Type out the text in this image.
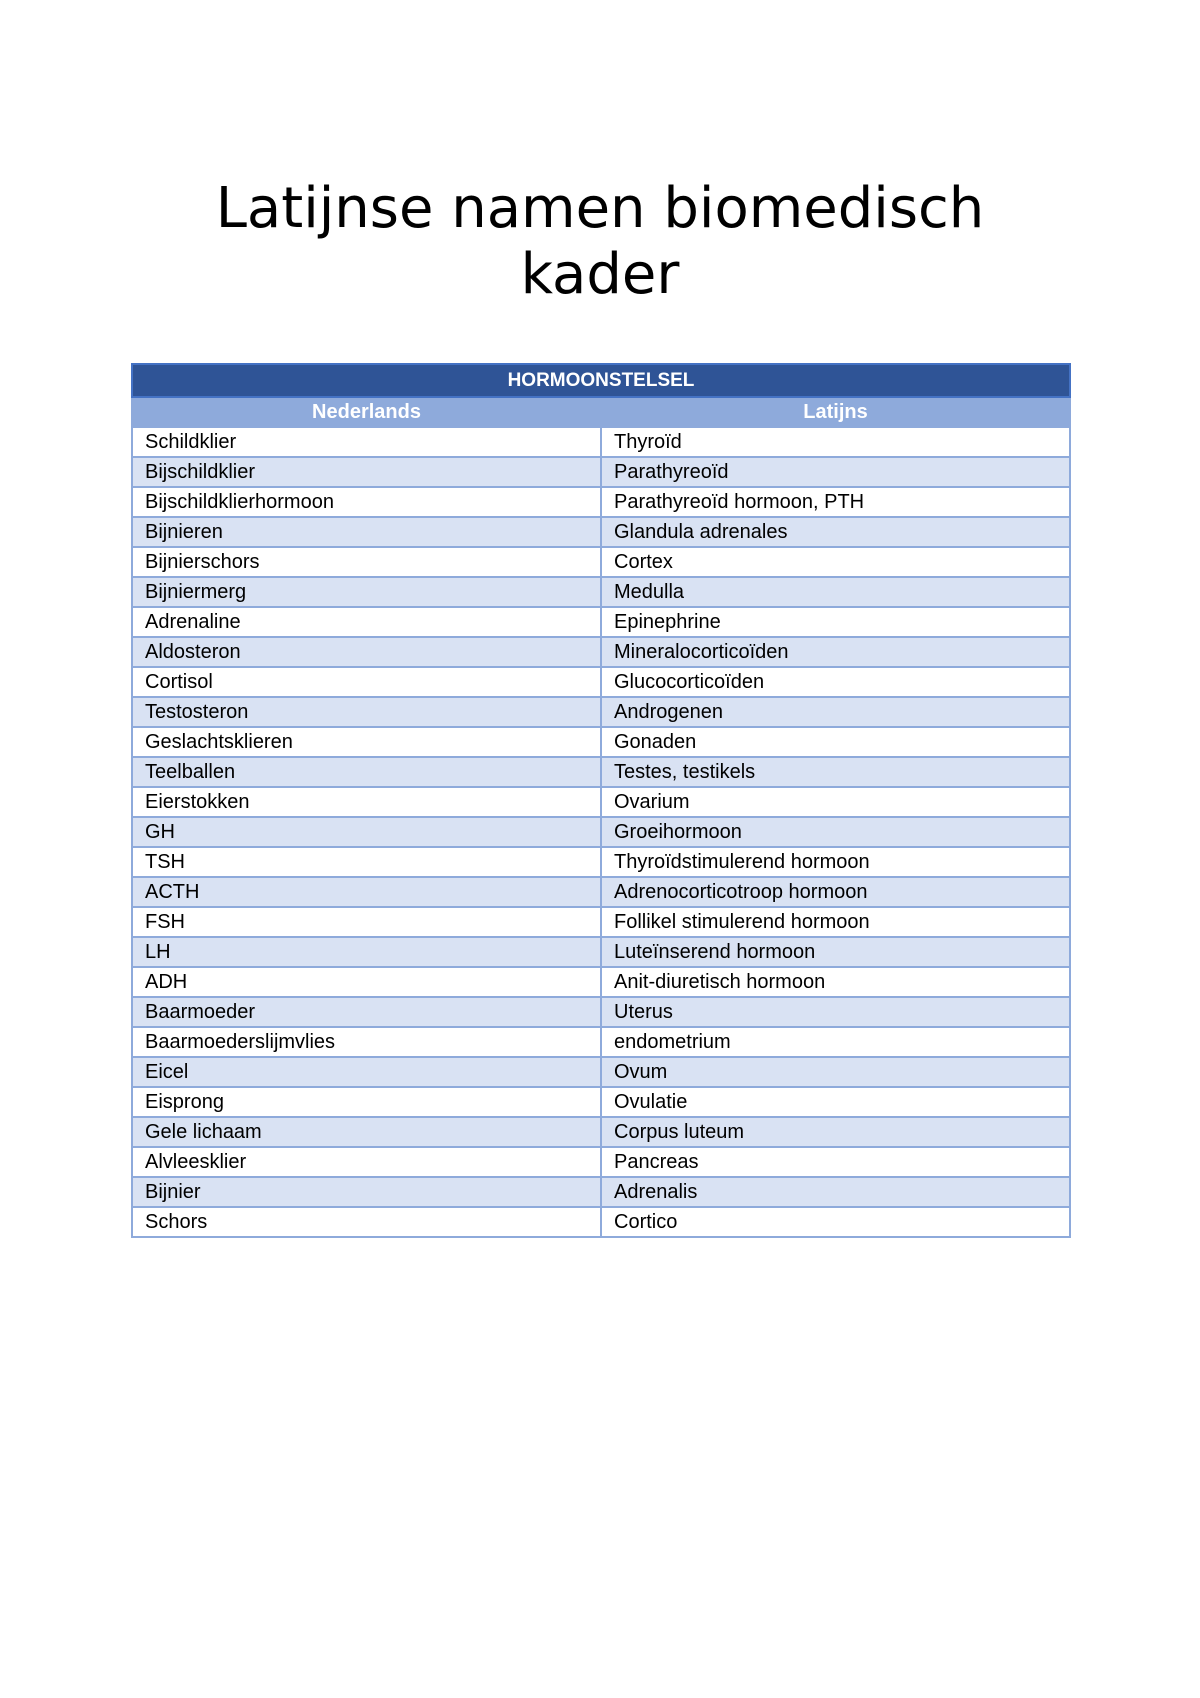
Latijnse namen biomedisch
kader
HORMOONSTELSEL	
Nederlands	Latijns
Schildklier	Thyroïd
Bijschildklier	Parathyreoïd
Bijschildklierhormoon	Parathyreoïd hormoon, PTH
Bijnieren	Glandula adrenales
Bijnierschors	Cortex
Bijniermerg	Medulla
Adrenaline	Epinephrine
Aldosteron	Mineralocorticoïden
Cortisol	Glucocorticoïden
Testosteron	Androgenen
Geslachtsklieren	Gonaden
Teelballen	Testes, testikels
Eierstokken	Ovarium
GH	Groeihormoon
TSH	Thyroïdstimulerend hormoon
ACTH	Adrenocorticotroop hormoon
FSH	Follikel stimulerend hormoon
LH	Luteïnserend hormoon
ADH	Anit-diuretisch hormoon
Baarmoeder	Uterus
Baarmoederslijmvlies	endometrium
Eicel	Ovum
Eisprong	Ovulatie
Gele lichaam	Corpus luteum
Alvleesklier	Pancreas
Bijnier	Adrenalis
Schors	Cortico
